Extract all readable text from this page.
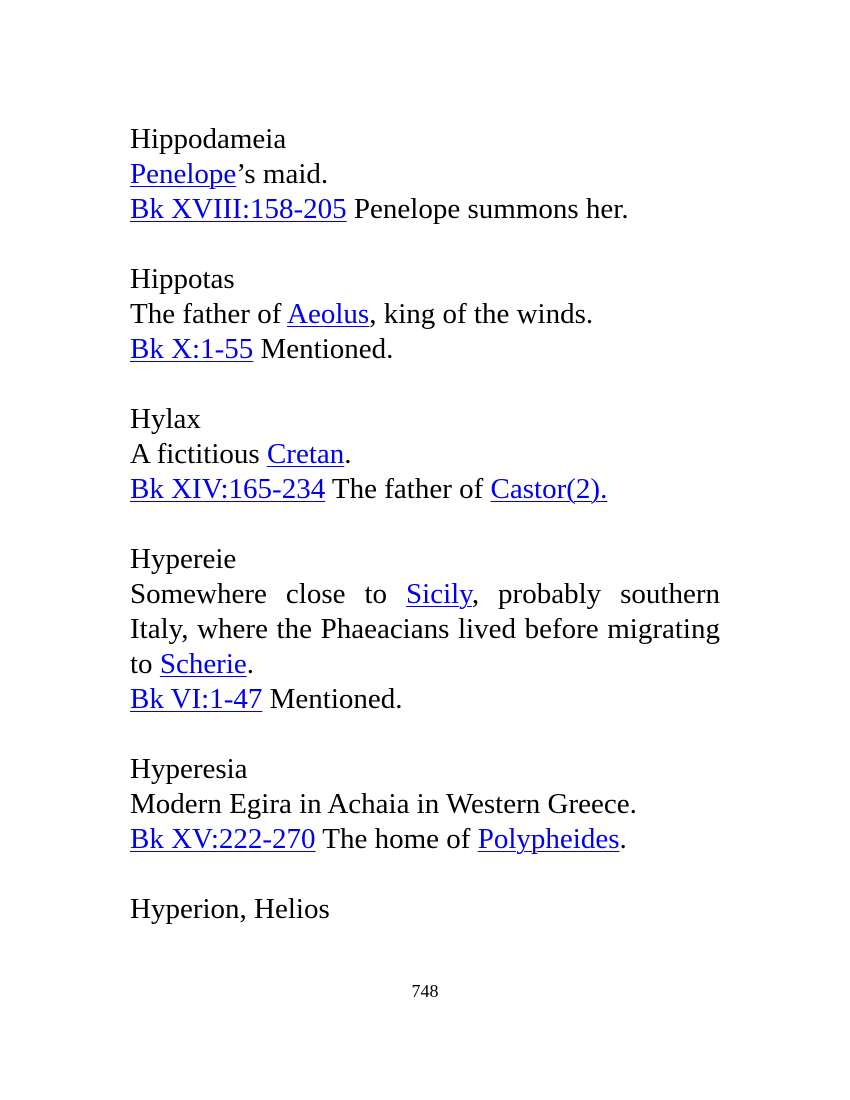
Hippodameia
Penelope’s maid.
Bk XVIII:158-205 Penelope summons her.
Hippotas
The father of Aeolus, king of the winds.
Bk X:1-55 Mentioned.
Hylax
A fictitious Cretan.
Bk XIV:165-234 The father of Castor(2).
Hypereie
Somewhere close to Sicily, probably southern Italy, where the Phaeacians lived before migrating to Scherie.
Bk VI:1-47 Mentioned.
Hyperesia
Modern Egira in Achaia in Western Greece.
Bk XV:222-270 The home of Polypheides.
Hyperion, Helios
748
